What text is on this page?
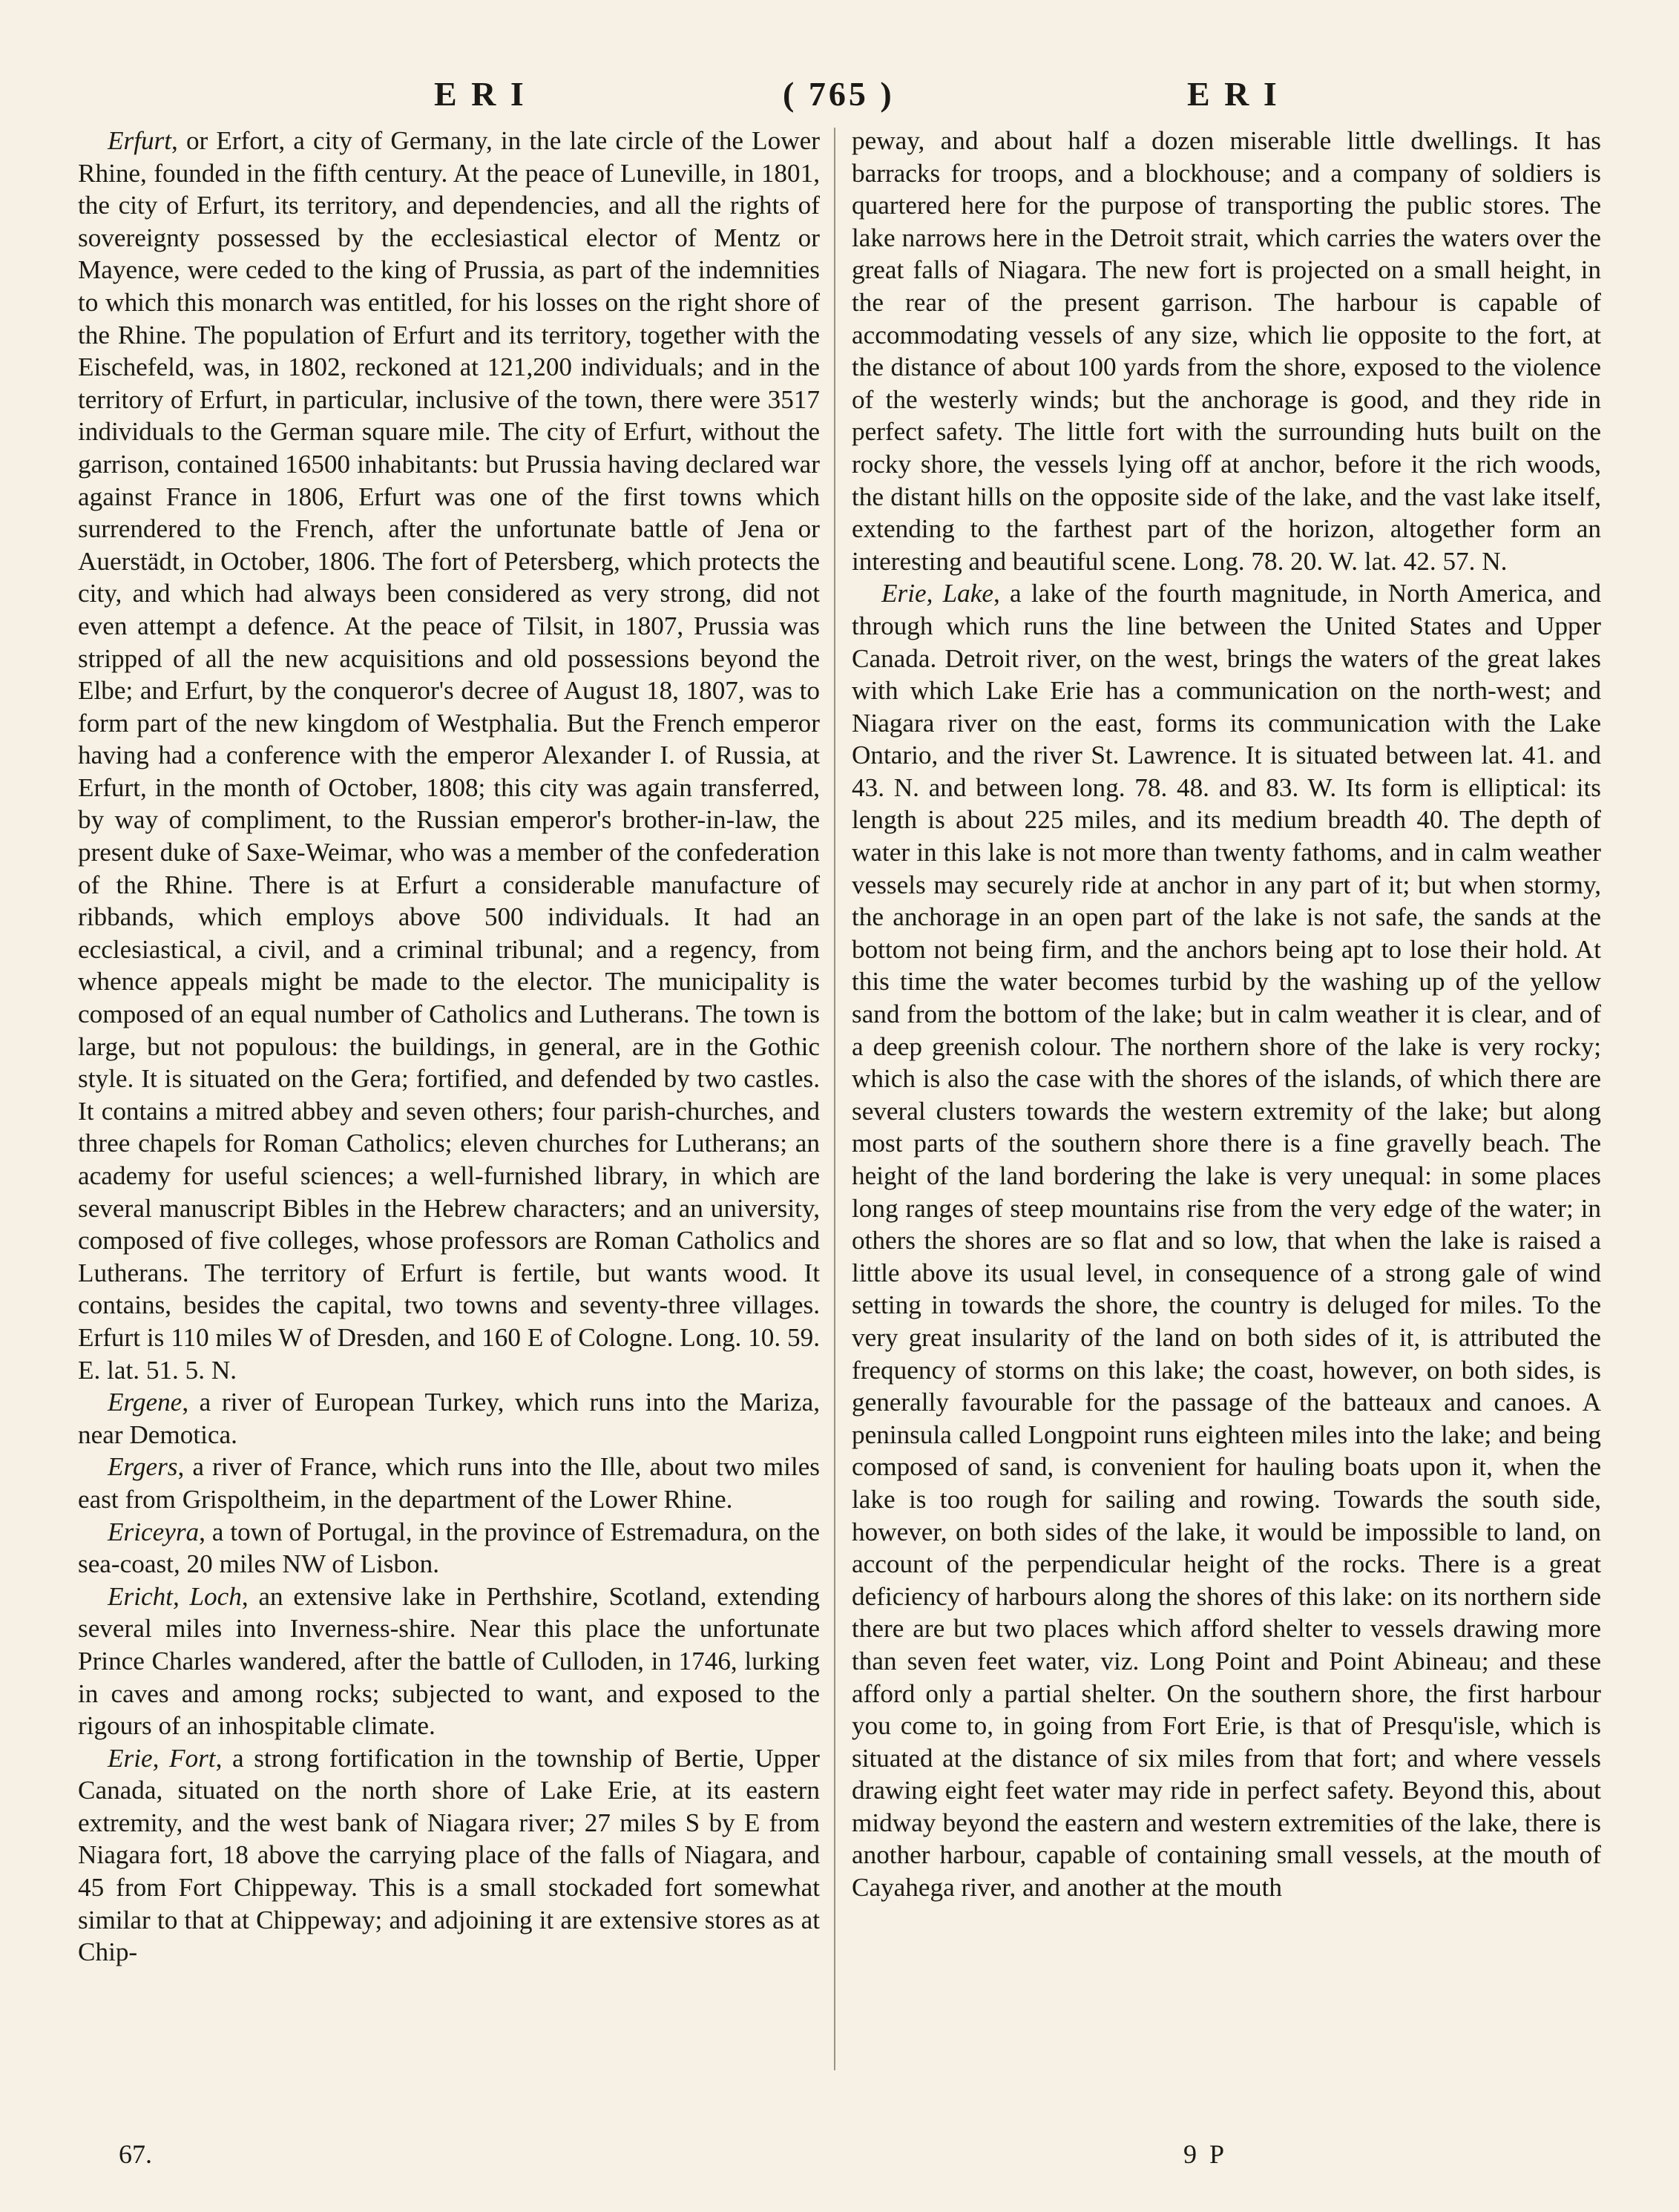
E R I	( 765 )	E R I

Erfurt, or Erfort, a city of Germany, in the late circle of the Lower Rhine, founded in the fifth century. At the peace of Luneville, in 1801, the city of Erfurt, its territory, and dependencies, and all the rights of sovereignty possessed by the ecclesiastical elector of Mentz or Mayence, were ceded to the king of Prussia, as part of the indemnities to which this monarch was entitled, for his losses on the right shore of the Rhine. The population of Erfurt and its territory, together with the Eischefeld, was, in 1802, reckoned at 121,200 individuals; and in the territory of Erfurt, in particular, inclusive of the town, there were 3517 individuals to the German square mile. The city of Erfurt, without the garrison, contained 16500 inhabitants: but Prussia having declared war against France in 1806, Erfurt was one of the first towns which surrendered to the French, after the unfortunate battle of Jena or Auerstädt, in October, 1806. The fort of Petersberg, which protects the city, and which had always been considered as very strong, did not even attempt a defence. At the peace of Tilsit, in 1807, Prussia was stripped of all the new acquisitions and old possessions beyond the Elbe; and Erfurt, by the conqueror's decree of August 18, 1807, was to form part of the new kingdom of Westphalia. But the French emperor having had a conference with the emperor Alexander I. of Russia, at Erfurt, in the month of October, 1808; this city was again transferred, by way of compliment, to the Russian emperor's brother-in-law, the present duke of Saxe-Weimar, who was a member of the confederation of the Rhine. There is at Erfurt a considerable manufacture of ribbands, which employs above 500 individuals. It had an ecclesiastical, a civil, and a criminal tribunal; and a regency, from whence appeals might be made to the elector. The municipality is composed of an equal number of Catholics and Lutherans. The town is large, but not populous: the buildings, in general, are in the Gothic style. It is situated on the Gera; fortified, and defended by two castles. It contains a mitred abbey and seven others; four parish-churches, and three chapels for Roman Catholics; eleven churches for Lutherans; an academy for useful sciences; a well-furnished library, in which are several manuscript Bibles in the Hebrew characters; and an university, composed of five colleges, whose professors are Roman Catholics and Lutherans. The territory of Erfurt is fertile, but wants wood. It contains, besides the capital, two towns and seventy-three villages. Erfurt is 110 miles W of Dresden, and 160 E of Cologne. Long. 10. 59. E. lat. 51. 5. N.

Ergene, a river of European Turkey, which runs into the Mariza, near Demotica.

Ergers, a river of France, which runs into the Ille, about two miles east from Grispoltheim, in the department of the Lower Rhine.

Ericeyra, a town of Portugal, in the province of Estremadura, on the sea-coast, 20 miles NW of Lisbon.

Ericht, Loch, an extensive lake in Perthshire, Scotland, extending several miles into Inverness-shire. Near this place the unfortunate Prince Charles wandered, after the battle of Culloden, in 1746, lurking in caves and among rocks; subjected to want, and exposed to the rigours of an inhospitable climate.

Erie, Fort, a strong fortification in the township of Bertie, Upper Canada, situated on the north shore of Lake Erie, at its eastern extremity, and the west bank of Niagara river; 27 miles S by E from Niagara fort, 18 above the carrying place of the falls of Niagara, and 45 from Fort Chippeway. This is a small stockaded fort somewhat similar to that at Chippeway; and adjoining it are extensive stores as at Chip-

peway, and about half a dozen miserable little dwellings. It has barracks for troops, and a blockhouse; and a company of soldiers is quartered here for the purpose of transporting the public stores. The lake narrows here in the Detroit strait, which carries the waters over the great falls of Niagara. The new fort is projected on a small height, in the rear of the present garrison. The harbour is capable of accommodating vessels of any size, which lie opposite to the fort, at the distance of about 100 yards from the shore, exposed to the violence of the westerly winds; but the anchorage is good, and they ride in perfect safety. The little fort with the surrounding huts built on the rocky shore, the vessels lying off at anchor, before it the rich woods, the distant hills on the opposite side of the lake, and the vast lake itself, extending to the farthest part of the horizon, altogether form an interesting and beautiful scene. Long. 78. 20. W. lat. 42. 57. N.

Erie, Lake, a lake of the fourth magnitude, in North America, and through which runs the line between the United States and Upper Canada. Detroit river, on the west, brings the waters of the great lakes with which Lake Erie has a communication on the north-west; and Niagara river on the east, forms its communication with the Lake Ontario, and the river St. Lawrence. It is situated between lat. 41. and 43. N. and between long. 78. 48. and 83. W. Its form is elliptical: its length is about 225 miles, and its medium breadth 40. The depth of water in this lake is not more than twenty fathoms, and in calm weather vessels may securely ride at anchor in any part of it; but when stormy, the anchorage in an open part of the lake is not safe, the sands at the bottom not being firm, and the anchors being apt to lose their hold. At this time the water becomes turbid by the washing up of the yellow sand from the bottom of the lake; but in calm weather it is clear, and of a deep greenish colour. The northern shore of the lake is very rocky; which is also the case with the shores of the islands, of which there are several clusters towards the western extremity of the lake; but along most parts of the southern shore there is a fine gravelly beach. The height of the land bordering the lake is very unequal: in some places long ranges of steep mountains rise from the very edge of the water; in others the shores are so flat and so low, that when the lake is raised a little above its usual level, in consequence of a strong gale of wind setting in towards the shore, the country is deluged for miles. To the very great insularity of the land on both sides of it, is attributed the frequency of storms on this lake; the coast, however, on both sides, is generally favourable for the passage of the batteaux and canoes. A peninsula called Longpoint runs eighteen miles into the lake; and being composed of sand, is convenient for hauling boats upon it, when the lake is too rough for sailing and rowing. Towards the south side, however, on both sides of the lake, it would be impossible to land, on account of the perpendicular height of the rocks. There is a great deficiency of harbours along the shores of this lake: on its northern side there are but two places which afford shelter to vessels drawing more than seven feet water, viz. Long Point and Point Abineau; and these afford only a partial shelter. On the southern shore, the first harbour you come to, in going from Fort Erie, is that of Presqu'isle, which is situated at the distance of six miles from that fort; and where vessels drawing eight feet water may ride in perfect safety. Beyond this, about midway beyond the eastern and western extremities of the lake, there is another harbour, capable of containing small vessels, at the mouth of Cayahega river, and another at the mouth

67.	9 P
